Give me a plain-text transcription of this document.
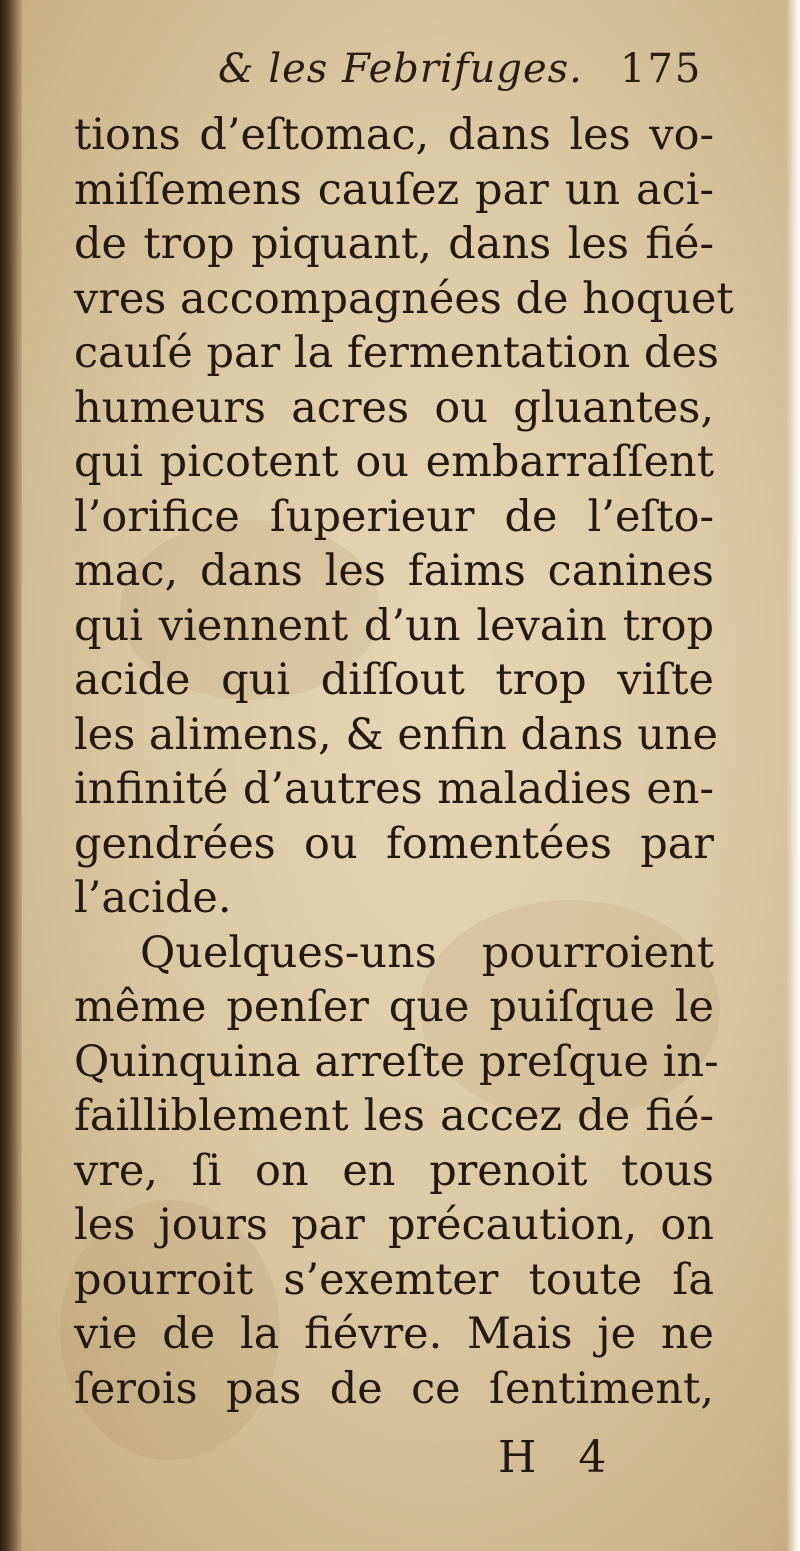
& les Febrifuges. 175
tions d’eſtomac, dans les vo-
miſſemens cauſez par un aci-
de trop piquant, dans les fié-
vres accompagnées de hoquet
cauſé par la fermentation des
humeurs acres ou gluantes,
qui picotent ou embarraſſent
l’orifice ſuperieur de l’eſto-
mac, dans les faims canines
qui viennent d’un levain trop
acide qui diſſout trop viſte
les alimens, & enfin dans une
infinité d’autres maladies en-
gendrées ou fomentées par
l’acide.
Quelques-uns pourroient
même penſer que puiſque le
Quinquina arreſte preſque in-
failliblement les accez de fié-
vre, ſi on en prenoit tous
les jours par précaution, on
pourroit s’exemter toute ſa
vie de la fiévre. Mais je ne
ſerois pas de ce ſentiment,
H 4
